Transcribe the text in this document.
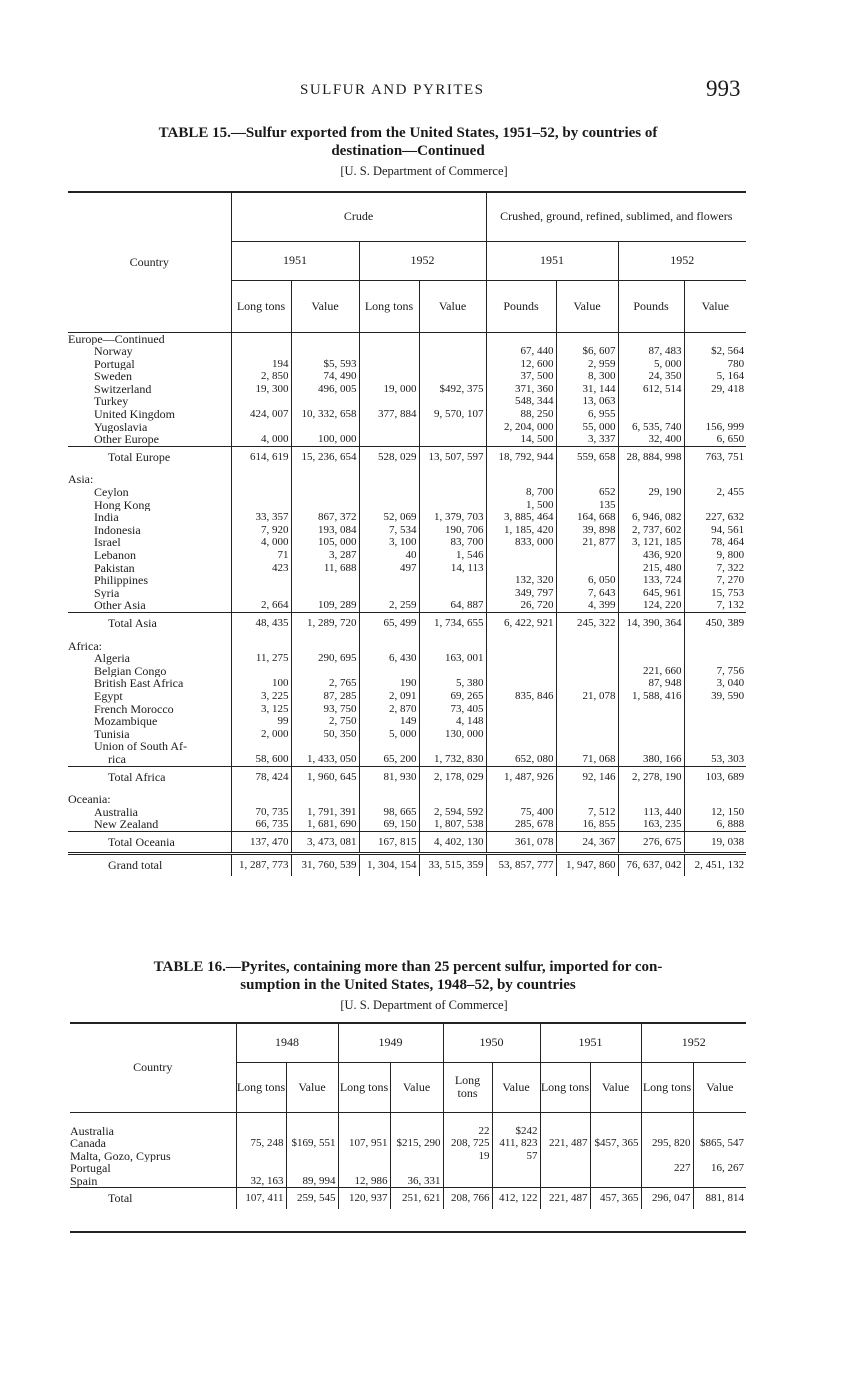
SULFUR AND PYRITES	993
TABLE 15.—Sulfur exported from the United States, 1951–52, by countries of
destination—Continued
[U. S. Department of Commerce]
Country	Crude				Crushed, ground, refined, sublimed, and flowers			
	1951		1952		1951		1952	
	Long tons	Value	Long tons	Value	Pounds	Value	Pounds	Value
Europe—Continued								
Norway					67, 440	$6, 607	87, 483	$2, 564
Portugal	194	$5, 593			12, 600	2, 959	5, 000	780
Sweden	2, 850	74, 490			37, 500	8, 300	24, 350	5, 164
Switzerland	19, 300	496, 005	19, 000	$492, 375	371, 360	31, 144	612, 514	29, 418
Turkey					548, 344	13, 063		
United Kingdom	424, 007	10, 332, 658	377, 884	9, 570, 107	88, 250	6, 955		
Yugoslavia					2, 204, 000	55, 000	6, 535, 740	156, 999
Other Europe	4, 000	100, 000			14, 500	3, 337	32, 400	6, 650
Total Europe	614, 619	15, 236, 654	528, 029	13, 507, 597	18, 792, 944	559, 658	28, 884, 998	763, 751

Asia:								
Ceylon					8, 700	652	29, 190	2, 455
Hong Kong					1, 500	135		
India	33, 357	867, 372	52, 069	1, 379, 703	3, 885, 464	164, 668	6, 946, 082	227, 632
Indonesia	7, 920	193, 084	7, 534	190, 706	1, 185, 420	39, 898	2, 737, 602	94, 561
Israel	4, 000	105, 000	3, 100	83, 700	833, 000	21, 877	3, 121, 185	78, 464
Lebanon	71	3, 287	40	1, 546			436, 920	9, 800
Pakistan	423	11, 688	497	14, 113			215, 480	7, 322
Philippines					132, 320	6, 050	133, 724	7, 270
Syria					349, 797	7, 643	645, 961	15, 753
Other Asia	2, 664	109, 289	2, 259	64, 887	26, 720	4, 399	124, 220	7, 132
Total Asia	48, 435	1, 289, 720	65, 499	1, 734, 655	6, 422, 921	245, 322	14, 390, 364	450, 389

Africa:								
Algeria	11, 275	290, 695	6, 430	163, 001				
Belgian Congo							221, 660	7, 756
British East Africa	100	2, 765	190	5, 380			87, 948	3, 040
Egypt	3, 225	87, 285	2, 091	69, 265	835, 846	21, 078	1, 588, 416	39, 590
French Morocco	3, 125	93, 750	2, 870	73, 405				
Mozambique	99	2, 750	149	4, 148				
Tunisia	2, 000	50, 350	5, 000	130, 000				
Union of South Af-								
rica	58, 600	1, 433, 050	65, 200	1, 732, 830	652, 080	71, 068	380, 166	53, 303
Total Africa	78, 424	1, 960, 645	81, 930	2, 178, 029	1, 487, 926	92, 146	2, 278, 190	103, 689

Oceania:								
Australia	70, 735	1, 791, 391	98, 665	2, 594, 592	75, 400	7, 512	113, 440	12, 150
New Zealand	66, 735	1, 681, 690	69, 150	1, 807, 538	285, 678	16, 855	163, 235	6, 888
Total Oceania	137, 470	3, 473, 081	167, 815	4, 402, 130	361, 078	24, 367	276, 675	19, 038
Grand total	1, 287, 773	31, 760, 539	1, 304, 154	33, 515, 359	53, 857, 777	1, 947, 860	76, 637, 042	2, 451, 132
TABLE 16.—Pyrites, containing more than 25 percent sulfur, imported for con-
sumption in the United States, 1948–52, by countries
[U. S. Department of Commerce]
Country	1948		1949		1950		1951		1952	
	Long tons	Value	Long tons	Value	Long tons	Value	Long tons	Value	Long tons	Value

Australia					22	$242				
Canada	75, 248	$169, 551	107, 951	$215, 290	208, 725	411, 823	221, 487	$457, 365	295, 820	$865, 547
Malta, Gozo, Cyprus					19	57				
Portugal									227	16, 267
Spain	32, 163	89, 994	12, 986	36, 331						
Total	107, 411	259, 545	120, 937	251, 621	208, 766	412, 122	221, 487	457, 365	296, 047	881, 814
